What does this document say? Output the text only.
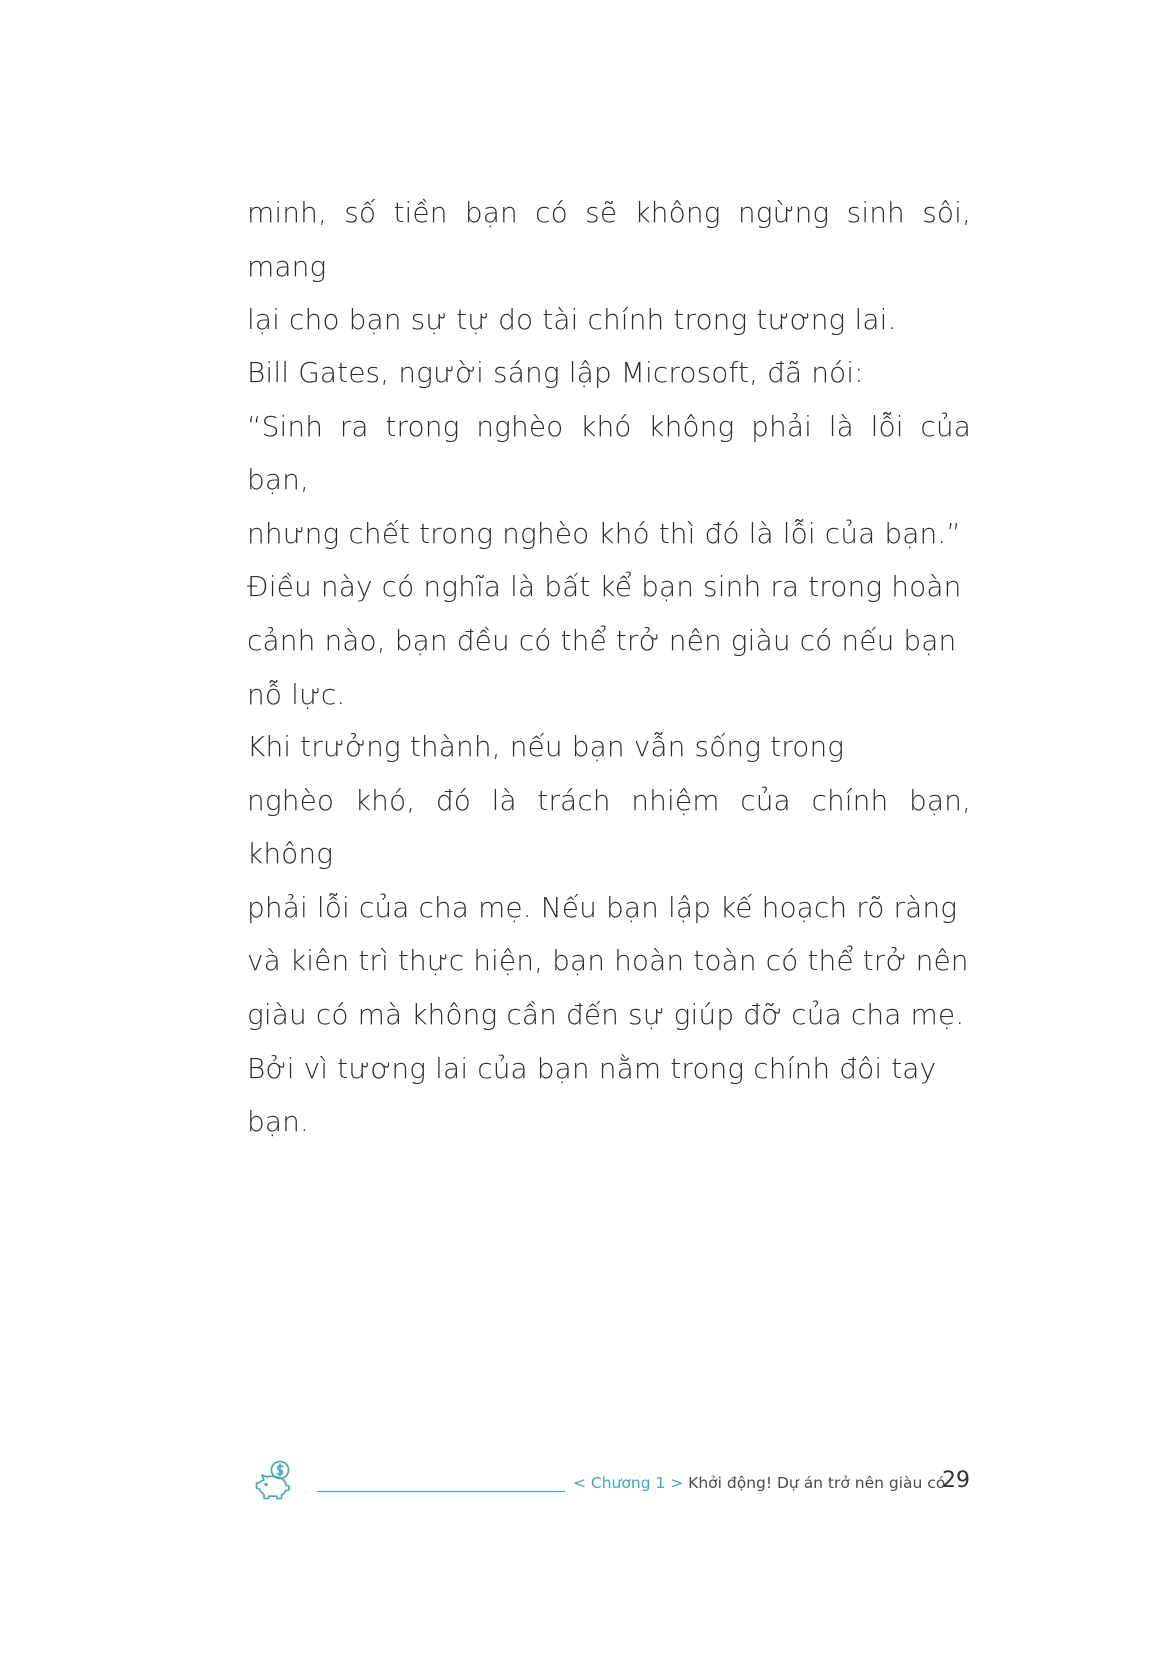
minh, số tiền bạn có sẽ không ngừng sinh sôi, mang
lại cho bạn sự tự do tài chính trong tương lai.

Bill Gates, người sáng lập Microsoft, đã nói:
“Sinh ra trong nghèo khó không phải là lỗi của bạn,
nhưng chết trong nghèo khó thì đó là lỗi của bạn.”
Điều này có nghĩa là bất kể bạn sinh ra trong hoàn
cảnh nào, bạn đều có thể trở nên giàu có nếu bạn
nỗ lực.

Khi trưởng thành, nếu bạn vẫn sống trong
nghèo khó, đó là trách nhiệm của chính bạn, không
phải lỗi của cha mẹ. Nếu bạn lập kế hoạch rõ ràng
và kiên trì thực hiện, bạn hoàn toàn có thể trở nên
giàu có mà không cần đến sự giúp đỡ của cha mẹ.
Bởi vì tương lai của bạn nằm trong chính đôi tay
bạn.

< Chương 1 > Khởi động! Dự án trở nên giàu có
29
